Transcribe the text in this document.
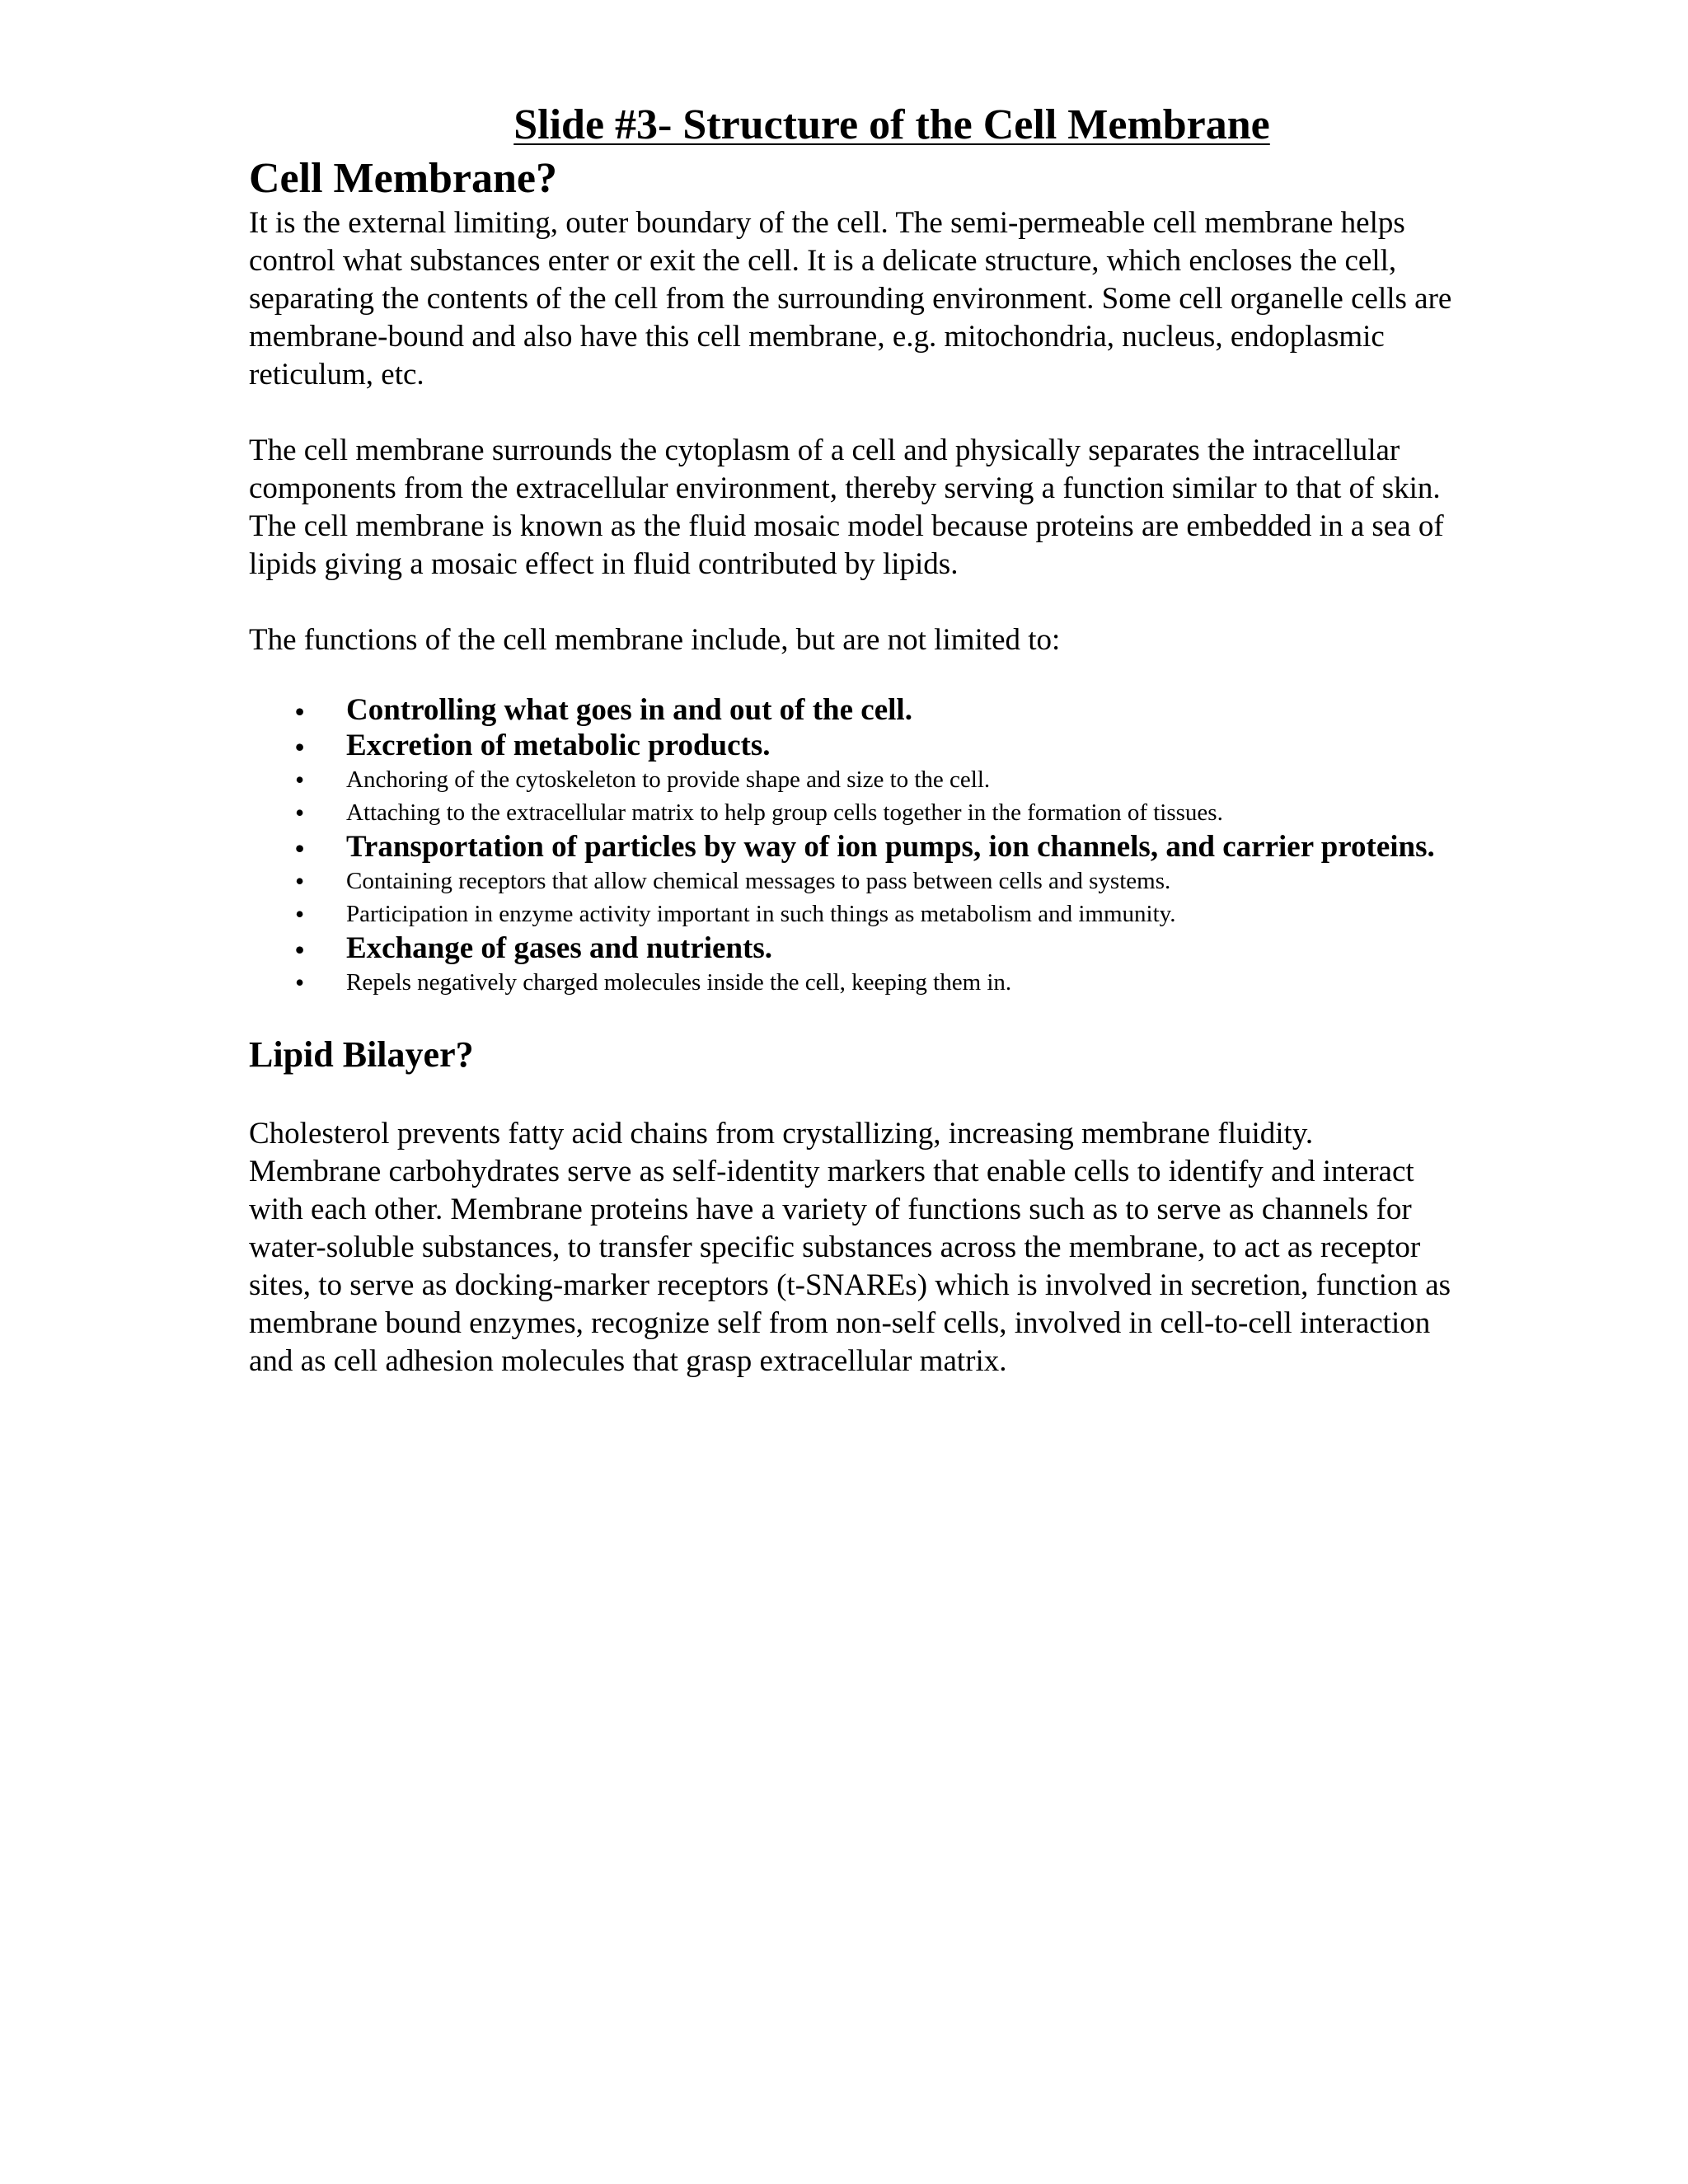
Slide #3- Structure of the Cell Membrane
Cell Membrane?

It is the external limiting, outer boundary of the cell. The semi-permeable cell membrane helps control what substances enter or exit the cell. It is a delicate structure, which encloses the cell, separating the contents of the cell from the surrounding environment. Some cell organelle cells are membrane-bound and also have this cell membrane, e.g. mitochondria, nucleus, endoplasmic reticulum, etc.

The cell membrane surrounds the cytoplasm of a cell and physically separates the intracellular components from the extracellular environment, thereby serving a function similar to that of skin. The cell membrane is known as the fluid mosaic model because proteins are embedded in a sea of lipids giving a mosaic effect in fluid contributed by lipids.

The functions of the cell membrane include, but are not limited to:

• Controlling what goes in and out of the cell.
• Excretion of metabolic products.
• Anchoring of the cytoskeleton to provide shape and size to the cell.
• Attaching to the extracellular matrix to help group cells together in the formation of tissues.
• Transportation of particles by way of ion pumps, ion channels, and carrier proteins.
• Containing receptors that allow chemical messages to pass between cells and systems.
• Participation in enzyme activity important in such things as metabolism and immunity.
• Exchange of gases and nutrients.
• Repels negatively charged molecules inside the cell, keeping them in.
Lipid Bilayer?

Cholesterol prevents fatty acid chains from crystallizing, increasing membrane fluidity. Membrane carbohydrates serve as self-identity markers that enable cells to identify and interact with each other. Membrane proteins have a variety of functions such as to serve as channels for water-soluble substances, to transfer specific substances across the membrane, to act as receptor sites, to serve as docking-marker receptors (t-SNAREs) which is involved in secretion, function as membrane bound enzymes, recognize self from non-self cells, involved in cell-to-cell interaction and as cell adhesion molecules that grasp extracellular matrix.
